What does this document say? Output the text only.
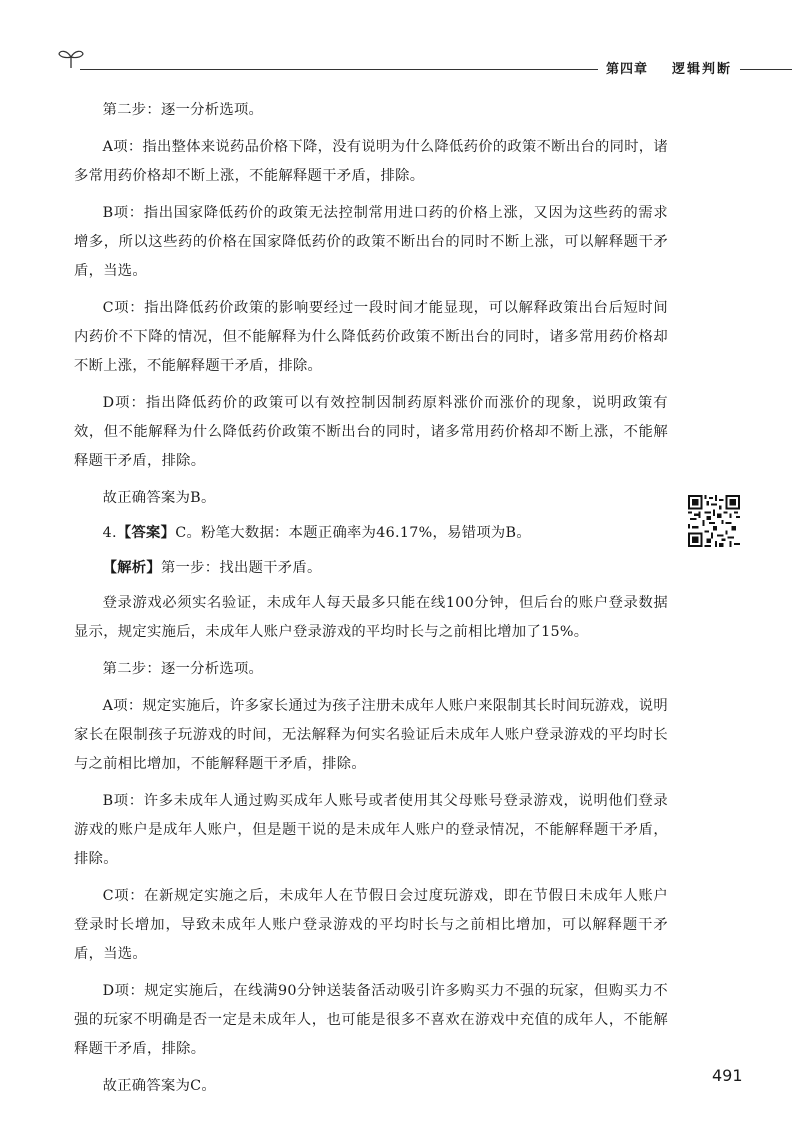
第四章 逻辑判断

第二步：逐一分析选项。

A项：指出整体来说药品价格下降，没有说明为什么降低药价的政策不断出台的同时，诸多常用药价格却不断上涨，不能解释题干矛盾，排除。

B项：指出国家降低药价的政策无法控制常用进口药的价格上涨，又因为这些药的需求增多，所以这些药的价格在国家降低药价的政策不断出台的同时不断上涨，可以解释题干矛盾，当选。

C项：指出降低药价政策的影响要经过一段时间才能显现，可以解释政策出台后短时间内药价不下降的情况，但不能解释为什么降低药价政策不断出台的同时，诸多常用药价格却不断上涨，不能解释题干矛盾，排除。

D项：指出降低药价的政策可以有效控制因制药原料涨价而涨价的现象，说明政策有效，但不能解释为什么降低药价政策不断出台的同时，诸多常用药价格却不断上涨，不能解释题干矛盾，排除。

故正确答案为B。

4.【答案】C。粉笔大数据：本题正确率为46.17%，易错项为B。

【解析】第一步：找出题干矛盾。

登录游戏必须实名验证，未成年人每天最多只能在线100分钟，但后台的账户登录数据显示，规定实施后，未成年人账户登录游戏的平均时长与之前相比增加了15%。

第二步：逐一分析选项。

A项：规定实施后，许多家长通过为孩子注册未成年人账户来限制其长时间玩游戏，说明家长在限制孩子玩游戏的时间，无法解释为何实名验证后未成年人账户登录游戏的平均时长与之前相比增加，不能解释题干矛盾，排除。

B项：许多未成年人通过购买成年人账号或者使用其父母账号登录游戏，说明他们登录游戏的账户是成年人账户，但是题干说的是未成年人账户的登录情况，不能解释题干矛盾，排除。

C项：在新规定实施之后，未成年人在节假日会过度玩游戏，即在节假日未成年人账户登录时长增加，导致未成年人账户登录游戏的平均时长与之前相比增加，可以解释题干矛盾，当选。

D项：规定实施后，在线满90分钟送装备活动吸引许多购买力不强的玩家，但购买力不强的玩家不明确是否一定是未成年人，也可能是很多不喜欢在游戏中充值的成年人，不能解释题干矛盾，排除。

故正确答案为C。

491
